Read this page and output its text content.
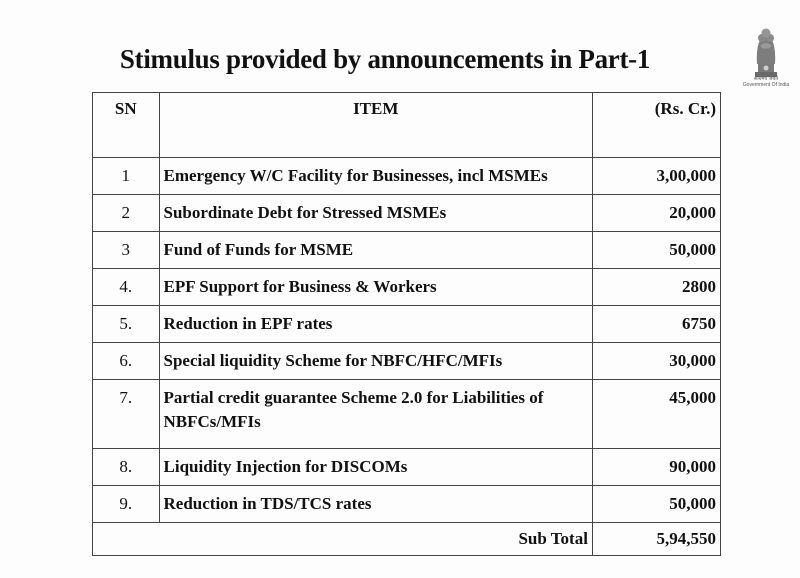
Stimulus provided by announcements in Part-1
सत्यमेव जयते
Government Of India
SN	ITEM	(Rs. Cr.)
1	Emergency W/C Facility for Businesses, incl MSMEs	3,00,000
2	Subordinate Debt for Stressed MSMEs	20,000
3	Fund of Funds for MSME	50,000
4.	EPF Support for Business & Workers	2800
5.	Reduction in EPF rates	6750
6.	Special liquidity Scheme for NBFC/HFC/MFIs	30,000
7.	Partial credit guarantee Scheme 2.0 for Liabilities of NBFCs/MFIs	45,000
8.	Liquidity Injection for DISCOMs	90,000
9.	Reduction in TDS/TCS rates	50,000
Sub Total		5,94,550
